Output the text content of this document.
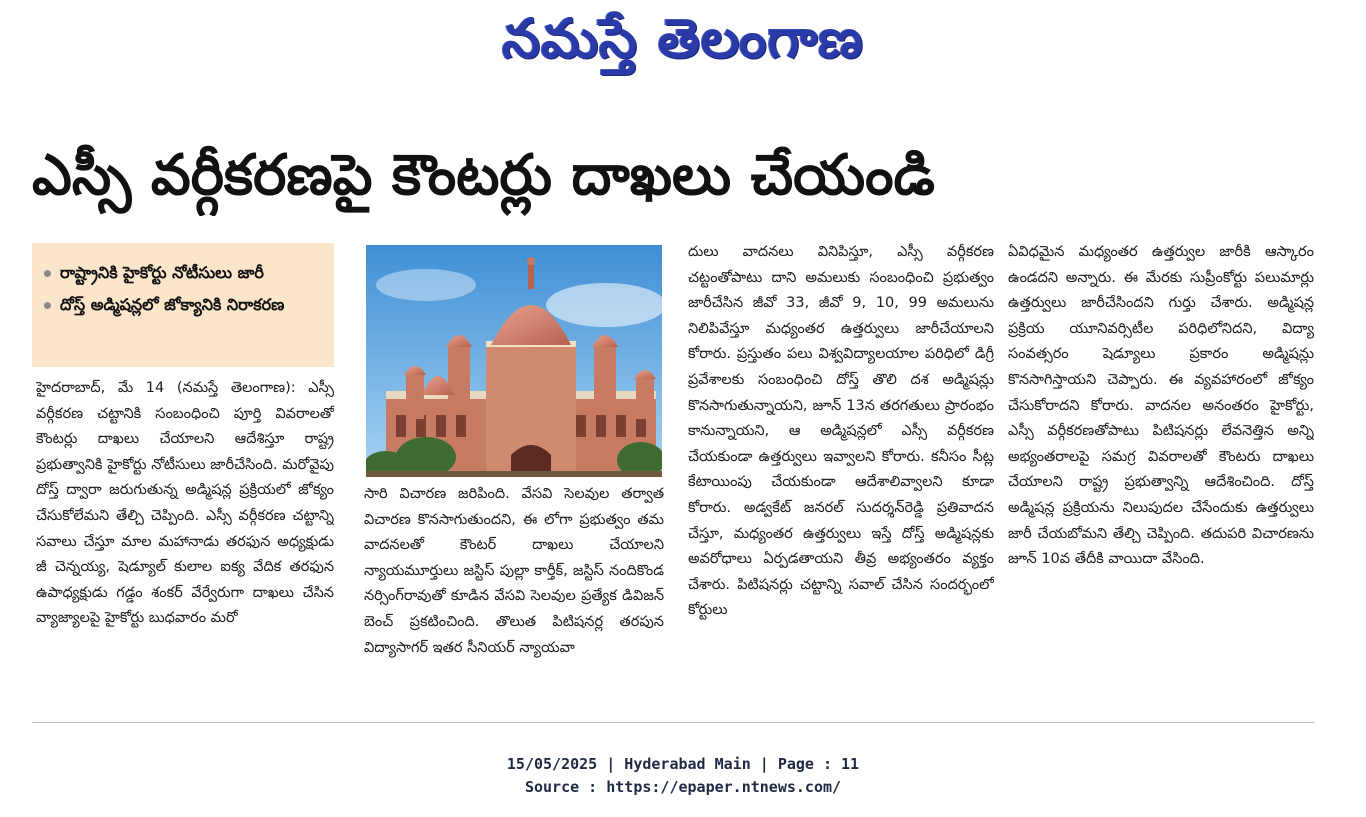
నమస్తే తెలంగాణ
ఎస్సీ వర్గీకరణపై కౌంటర్లు దాఖలు చేయండి
రాష్ట్రానికి హైకోర్టు నోటీసులు జారీ
దోస్త్ అడ్మిషన్లలో జోక్యానికి నిరాకరణ

హైదరాబాద్, మే 14 (నమస్తే తెలంగాణ): ఎస్సీ వర్గీకరణ చట్టానికి సంబంధించి పూర్తి వివరాలతో కౌంటర్లు దాఖలు చేయాలని ఆదేశిస్తూ రాష్ట్ర ప్రభుత్వానికి హైకోర్టు నోటీసులు జారీచేసింది. మరోవైపు దోస్త్ ద్వారా జరుగుతున్న అడ్మిషన్ల ప్రక్రియలో జోక్యం చేసుకోలేమని తేల్చి చెప్పింది. ఎస్సీ వర్గీకరణ చట్టాన్ని సవాలు చేస్తూ మాల మహానాడు తరఫున అధ్యక్షుడు జీ చెన్నయ్య, షెడ్యూల్ కులాల ఐక్య వేదిక తరఫున ఉపాధ్యక్షుడు గడ్డం శంకర్ వేర్వేరుగా దాఖలు చేసిన వ్యాజ్యాలపై హైకోర్టు బుధవారం మరో

సారి విచారణ జరిపింది. వేసవి సెలవుల తర్వాత విచారణ కొనసాగుతుందని, ఈ లోగా ప్రభుత్వం తమ వాదనలతో కౌంటర్ దాఖలు చేయాలని న్యాయమూర్తులు జస్టిస్ పుల్లా కార్తీక్, జస్టిస్ నందికొండ నర్సింగ్‌రావుతో కూడిన వేసవి సెలవుల ప్రత్యేక డివిజన్ బెంచ్ ప్రకటించింది. తొలుత పిటిషనర్ల తరపున విద్యాసాగర్ ఇతర సీనియర్ న్యాయవా

దులు వాదనలు వినిపిస్తూ, ఎస్సీ వర్గీకరణ చట్టంతోపాటు దాని అమలుకు సంబంధించి ప్రభుత్వం జారీచేసిన జీవో 33, జీవో 9, 10, 99 అమలును నిలిపివేస్తూ మధ్యంతర ఉత్తర్వులు జారీచేయాలని కోరారు. ప్రస్తుతం పలు విశ్వవిద్యాలయాల పరిధిలో డిగ్రీ ప్రవేశాలకు సంబంధించి దోస్త్ తొలి దశ అడ్మిషన్లు కొనసాగుతున్నాయని, జూన్ 13న తరగతులు ప్రారంభం కానున్నాయని, ఆ అడ్మిషన్లలో ఎస్సీ వర్గీకరణ చేయకుండా ఉత్తర్వులు ఇవ్వాలని కోరారు. కనీసం సీట్ల కేటాయింపు చేయకుండా ఆదేశాలివ్వాలని కూడా కోరారు. అడ్వకేట్ జనరల్ సుదర్శన్‌రెడ్డి ప్రతివాదన చేస్తూ, మధ్యంతర ఉత్తర్వులు ఇస్తే దోస్త్ అడ్మిషన్లకు అవరోధాలు ఏర్పడతాయని తీవ్ర అభ్యంతరం వ్యక్తం చేశారు. పిటిషనర్లు చట్టాన్ని సవాల్ చేసిన సందర్భంలో కోర్టులు

ఏవిధమైన మధ్యంతర ఉత్తర్వుల జారీకి ఆస్కారం ఉండదని అన్నారు. ఈ మేరకు సుప్రీంకోర్టు పలుమార్లు ఉత్తర్వులు జారీచేసిందని గుర్తు చేశారు. అడ్మిషన్ల ప్రక్రియ యూనివర్సిటీల పరిధిలోనిదని, విద్యా సంవత్సరం షెడ్యూలు ప్రకారం అడ్మిషన్లు కొనసాగిస్తాయని చెప్పారు. ఈ వ్యవహారంలో జోక్యం చేసుకోరాదని కోరారు. వాదనల అనంతరం హైకోర్టు, ఎస్సీ వర్గీకరణతోపాటు పిటిషనర్లు లేవనెత్తిన అన్ని అభ్యంతరాలపై సమగ్ర వివరాలతో కౌంటరు దాఖలు చేయాలని రాష్ట్ర ప్రభుత్వాన్ని ఆదేశించింది. దోస్త్ అడ్మిషన్ల ప్రక్రియను నిలుపుదల చేసేందుకు ఉత్తర్వులు జారీ చేయబోమని తేల్చి చెప్పింది. తదుపరి విచారణను జూన్ 10వ తేదీకి వాయిదా వేసింది.

15/05/2025 | Hyderabad Main | Page : 11
Source : https://epaper.ntnews.com/
